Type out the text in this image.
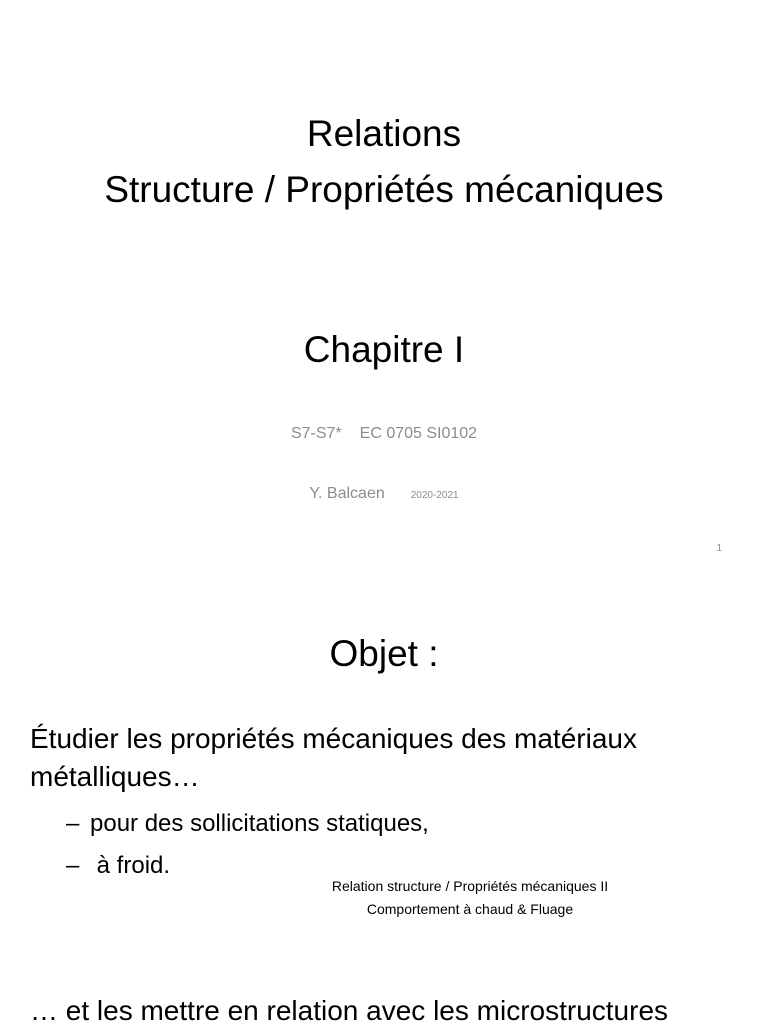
Relations
Structure / Propriétés mécaniques
Chapitre I
S7-S7* EC 0705 SI0102
Y. Balcaen	2020-2021
1
Objet :
Étudier les propriétés mécaniques des matériaux métalliques…
– pour des sollicitations statiques,
– à froid.
Relation structure / Propriétés mécaniques II
Comportement à chaud & Fluage
… et les mettre en relation avec les microstructures
